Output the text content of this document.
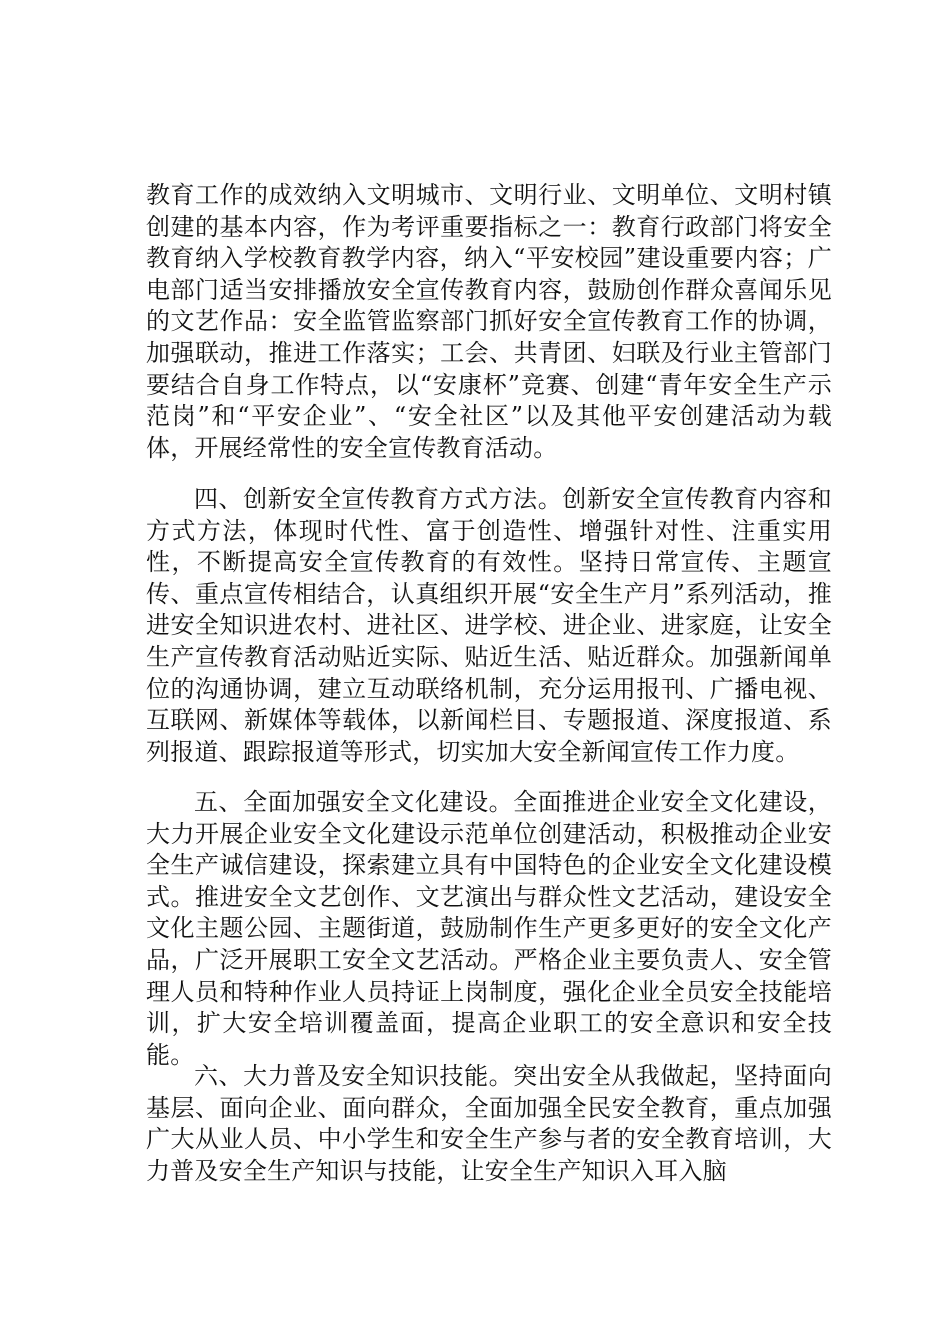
教育工作的成效纳入文明城市、文明行业、文明单位、文明村镇创建的基本内容，作为考评重要指标之一：教育行政部门将安全教育纳入学校教育教学内容，纳入“平安校园”建设重要内容；广电部门适当安排播放安全宣传教育内容，鼓励创作群众喜闻乐见的文艺作品：安全监管监察部门抓好安全宣传教育工作的协调，加强联动，推进工作落实；工会、共青团、妇联及行业主管部门要结合自身工作特点，以“安康杯”竞赛、创建“青年安全生产示范岗”和“平安企业”、“安全社区”以及其他平安创建活动为载体，开展经常性的安全宣传教育活动。

四、创新安全宣传教育方式方法。创新安全宣传教育内容和方式方法，体现时代性、富于创造性、增强针对性、注重实用性，不断提高安全宣传教育的有效性。坚持日常宣传、主题宣传、重点宣传相结合，认真组织开展“安全生产月”系列活动，推进安全知识进农村、进社区、进学校、进企业、进家庭，让安全生产宣传教育活动贴近实际、贴近生活、贴近群众。加强新闻单位的沟通协调，建立互动联络机制，充分运用报刊、广播电视、互联网、新媒体等载体，以新闻栏目、专题报道、深度报道、系列报道、跟踪报道等形式，切实加大安全新闻宣传工作力度。

五、全面加强安全文化建设。全面推进企业安全文化建设，大力开展企业安全文化建设示范单位创建活动，积极推动企业安全生产诚信建设，探索建立具有中国特色的企业安全文化建设模式。推进安全文艺创作、文艺演出与群众性文艺活动，建设安全文化主题公园、主题街道，鼓励制作生产更多更好的安全文化产品，广泛开展职工安全文艺活动。严格企业主要负责人、安全管理人员和特种作业人员持证上岗制度，强化企业全员安全技能培训，扩大安全培训覆盖面，提高企业职工的安全意识和安全技能。

六、大力普及安全知识技能。突出安全从我做起，坚持面向基层、面向企业、面向群众，全面加强全民安全教育，重点加强广大从业人员、中小学生和安全生产参与者的安全教育培训，大力普及安全生产知识与技能，让安全生产知识入耳入脑
